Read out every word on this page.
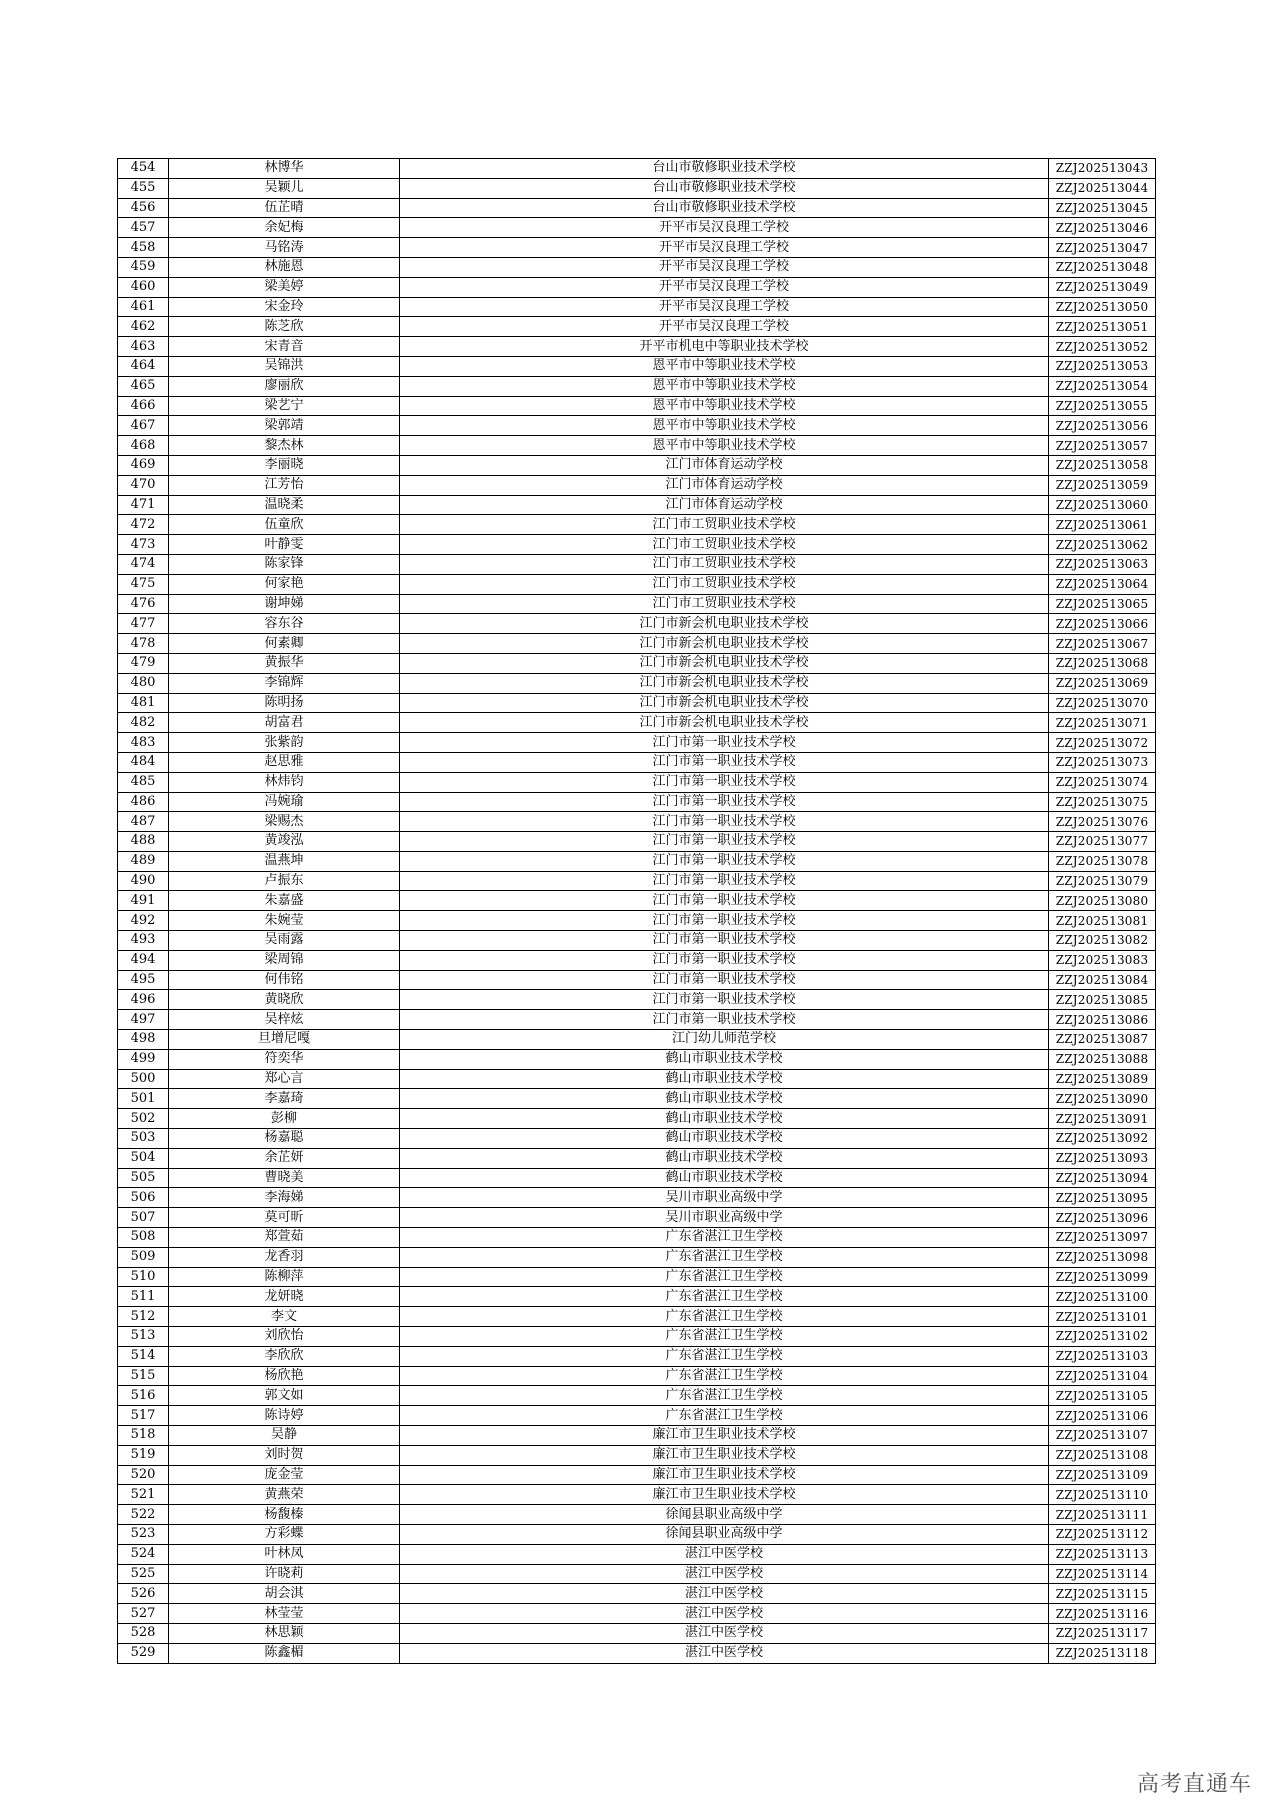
454	林博华	台山市敬修职业技术学校	ZZJ202513043
455	吴颖儿	台山市敬修职业技术学校	ZZJ202513044
456	伍芷晴	台山市敬修职业技术学校	ZZJ202513045
457	余妃梅	开平市吴汉良理工学校	ZZJ202513046
458	马铭涛	开平市吴汉良理工学校	ZZJ202513047
459	林施恩	开平市吴汉良理工学校	ZZJ202513048
460	梁美婷	开平市吴汉良理工学校	ZZJ202513049
461	宋金玲	开平市吴汉良理工学校	ZZJ202513050
462	陈芝欣	开平市吴汉良理工学校	ZZJ202513051
463	宋青音	开平市机电中等职业技术学校	ZZJ202513052
464	吴锦洪	恩平市中等职业技术学校	ZZJ202513053
465	廖丽欣	恩平市中等职业技术学校	ZZJ202513054
466	梁艺宁	恩平市中等职业技术学校	ZZJ202513055
467	梁郭靖	恩平市中等职业技术学校	ZZJ202513056
468	黎杰林	恩平市中等职业技术学校	ZZJ202513057
469	李丽晓	江门市体育运动学校	ZZJ202513058
470	江芳怡	江门市体育运动学校	ZZJ202513059
471	温晓柔	江门市体育运动学校	ZZJ202513060
472	伍童欣	江门市工贸职业技术学校	ZZJ202513061
473	叶静雯	江门市工贸职业技术学校	ZZJ202513062
474	陈家锋	江门市工贸职业技术学校	ZZJ202513063
475	何家艳	江门市工贸职业技术学校	ZZJ202513064
476	谢坤娣	江门市工贸职业技术学校	ZZJ202513065
477	容东谷	江门市新会机电职业技术学校	ZZJ202513066
478	何素卿	江门市新会机电职业技术学校	ZZJ202513067
479	黄振华	江门市新会机电职业技术学校	ZZJ202513068
480	李锦辉	江门市新会机电职业技术学校	ZZJ202513069
481	陈明扬	江门市新会机电职业技术学校	ZZJ202513070
482	胡富君	江门市新会机电职业技术学校	ZZJ202513071
483	张紫韵	江门市第一职业技术学校	ZZJ202513072
484	赵思雅	江门市第一职业技术学校	ZZJ202513073
485	林炜钧	江门市第一职业技术学校	ZZJ202513074
486	冯婉瑜	江门市第一职业技术学校	ZZJ202513075
487	梁赐杰	江门市第一职业技术学校	ZZJ202513076
488	黄竣泓	江门市第一职业技术学校	ZZJ202513077
489	温燕坤	江门市第一职业技术学校	ZZJ202513078
490	卢振东	江门市第一职业技术学校	ZZJ202513079
491	朱嘉盛	江门市第一职业技术学校	ZZJ202513080
492	朱婉莹	江门市第一职业技术学校	ZZJ202513081
493	吴雨露	江门市第一职业技术学校	ZZJ202513082
494	梁周锦	江门市第一职业技术学校	ZZJ202513083
495	何伟铭	江门市第一职业技术学校	ZZJ202513084
496	黄晓欣	江门市第一职业技术学校	ZZJ202513085
497	吴梓炫	江门市第一职业技术学校	ZZJ202513086
498	旦增尼嘎	江门幼儿师范学校	ZZJ202513087
499	符奕华	鹤山市职业技术学校	ZZJ202513088
500	郑心言	鹤山市职业技术学校	ZZJ202513089
501	李嘉琦	鹤山市职业技术学校	ZZJ202513090
502	彭柳	鹤山市职业技术学校	ZZJ202513091
503	杨嘉聪	鹤山市职业技术学校	ZZJ202513092
504	余芷妍	鹤山市职业技术学校	ZZJ202513093
505	曹晓美	鹤山市职业技术学校	ZZJ202513094
506	李海娣	吴川市职业高级中学	ZZJ202513095
507	莫可昕	吴川市职业高级中学	ZZJ202513096
508	郑萱茹	广东省湛江卫生学校	ZZJ202513097
509	龙香羽	广东省湛江卫生学校	ZZJ202513098
510	陈柳萍	广东省湛江卫生学校	ZZJ202513099
511	龙妍晓	广东省湛江卫生学校	ZZJ202513100
512	李文	广东省湛江卫生学校	ZZJ202513101
513	刘欣怡	广东省湛江卫生学校	ZZJ202513102
514	李欣欣	广东省湛江卫生学校	ZZJ202513103
515	杨欣艳	广东省湛江卫生学校	ZZJ202513104
516	郭文如	广东省湛江卫生学校	ZZJ202513105
517	陈诗婷	广东省湛江卫生学校	ZZJ202513106
518	吴静	廉江市卫生职业技术学校	ZZJ202513107
519	刘时贺	廉江市卫生职业技术学校	ZZJ202513108
520	庞金莹	廉江市卫生职业技术学校	ZZJ202513109
521	黄燕荣	廉江市卫生职业技术学校	ZZJ202513110
522	杨馥榛	徐闻县职业高级中学	ZZJ202513111
523	方彩蝶	徐闻县职业高级中学	ZZJ202513112
524	叶林凤	湛江中医学校	ZZJ202513113
525	许晓莉	湛江中医学校	ZZJ202513114
526	胡会淇	湛江中医学校	ZZJ202513115
527	林莹莹	湛江中医学校	ZZJ202513116
528	林思颖	湛江中医学校	ZZJ202513117
529	陈鑫楣	湛江中医学校	ZZJ202513118
高考直通车
